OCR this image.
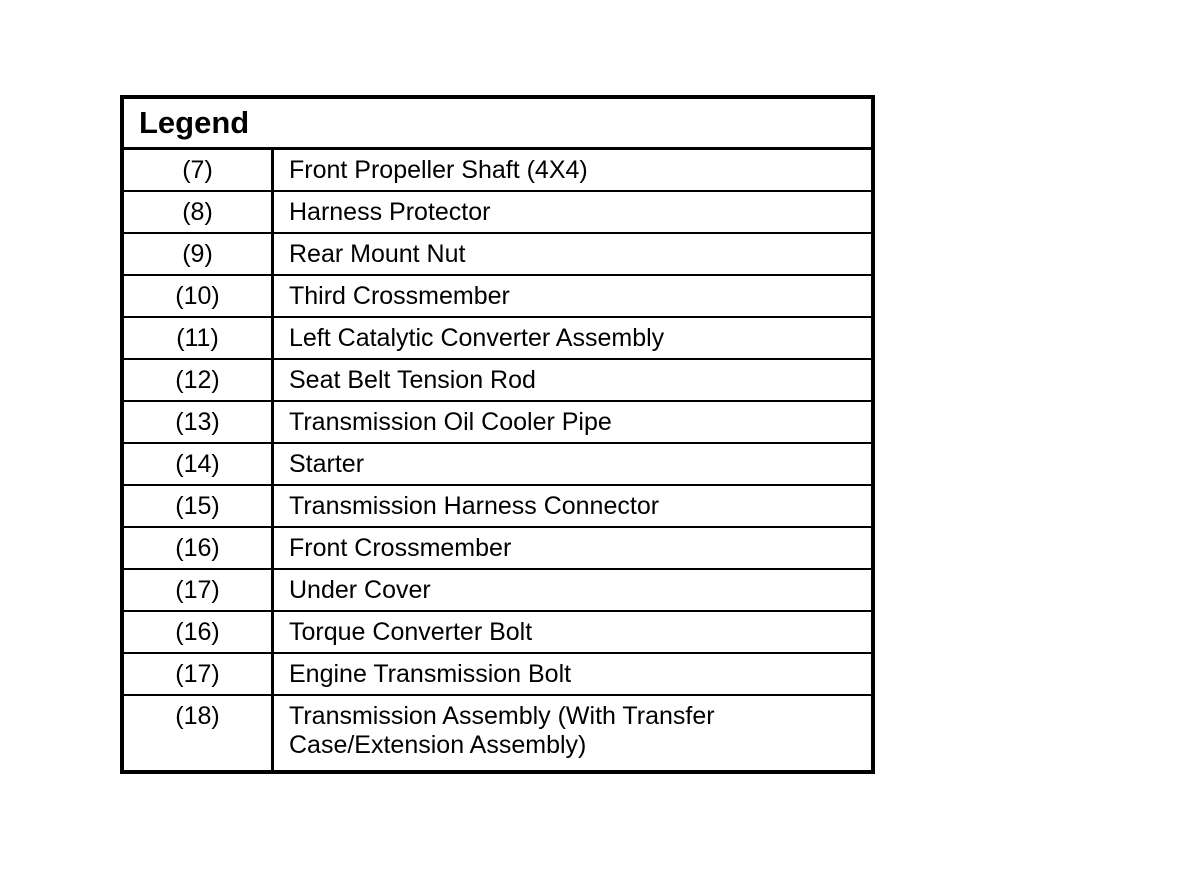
Legend
(7)	Front Propeller Shaft (4X4)
(8)	Harness Protector
(9)	Rear Mount Nut
(10)	Third Crossmember
(11)	Left Catalytic Converter Assembly
(12)	Seat Belt Tension Rod
(13)	Transmission Oil Cooler Pipe
(14)	Starter
(15)	Transmission Harness Connector
(16)	Front Crossmember
(17)	Under Cover
(16)	Torque Converter Bolt
(17)	Engine Transmission Bolt
(18)	Transmission Assembly (With Transfer Case/Extension Assembly)
